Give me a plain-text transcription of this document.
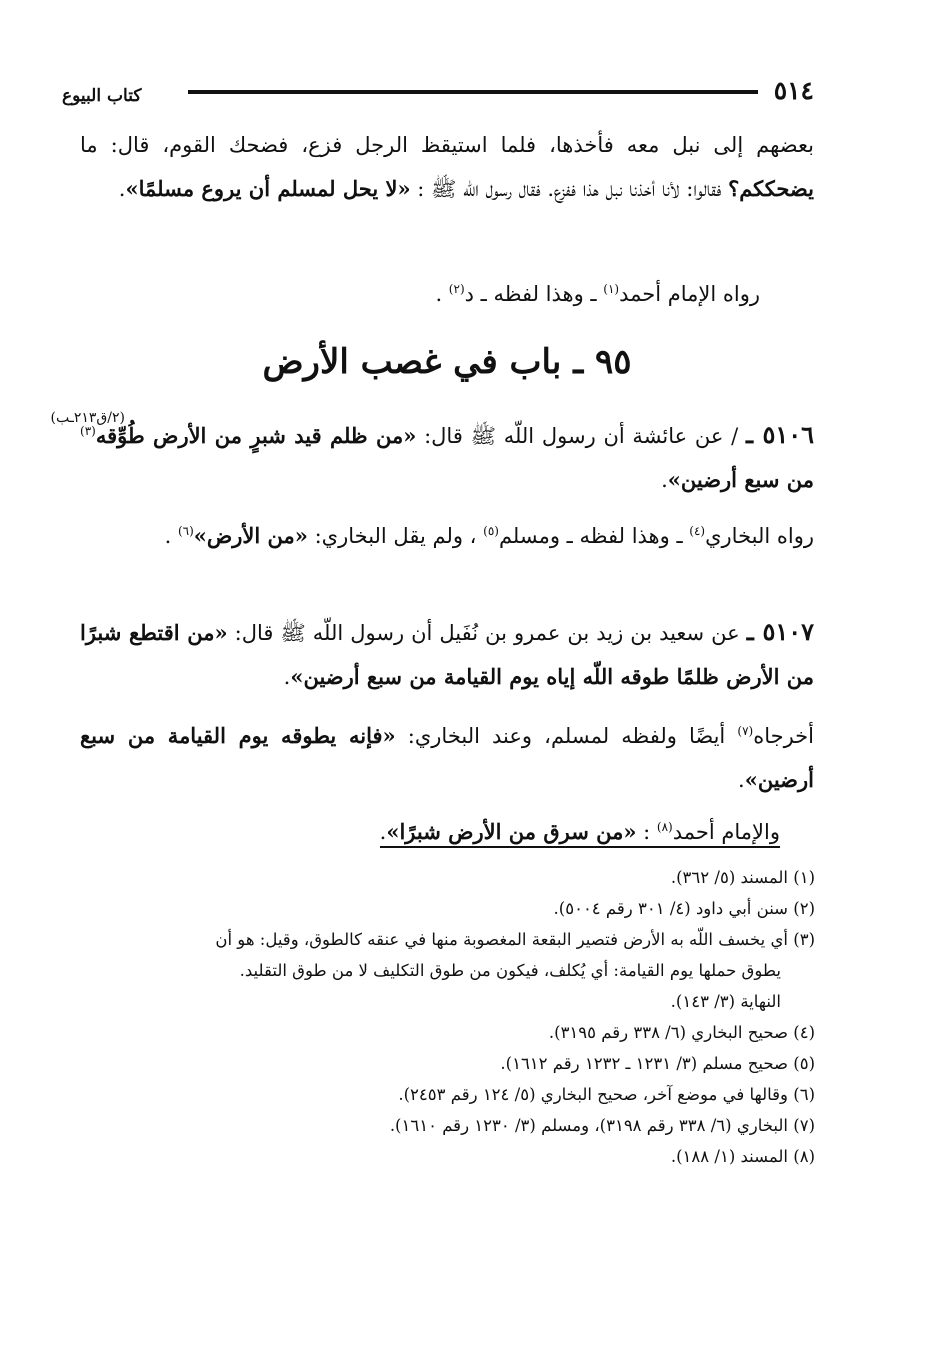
٥١٤
كتاب البيوع

بعضهم إلى نبل معه فأخذها، فلما استيقظ الرجل فزع، فضحك القوم، قال: ما يضحككم؟ فقالوا: لأنا أخذنا نبل هذا ففزع. فقال رسول اللّه ﷺ : «لا يحل لمسلم أن يروع مسلمًا».

رواه الإمام أحمد$^{(١)}$ ـ وهذا لفظه ـ د$^{(٢)}$ .

٩٥ ـ باب في غصب الأرض
(٢/ق٢١٣ـب)

٥١٠٦ ـ / عن عائشة أن رسول اللّه ﷺ قال: «من ظلم قيد شبرٍ من الأرض طُوِّقه$^{(٣)}$ من سبع أرضين».

رواه البخاري$^{(٤)}$ ـ وهذا لفظه ـ ومسلم$^{(٥)}$ ، ولم يقل البخاري: «من الأرض»$^{(٦)}$ .

٥١٠٧ ـ عن سعيد بن زيد بن عمرو بن نُفَيل أن رسول اللّه ﷺ قال: «من اقتطع شبرًا من الأرض ظلمًا طوقه اللّه إياه يوم القيامة من سبع أرضين».

أخرجاه$^{(٧)}$ أيضًا ولفظه لمسلم، وعند البخاري: «فإنه يطوقه يوم القيامة من سبع أرضين».

والإمام أحمد$^{(٨)}$ : «من سرق من الأرض شبرًا».

(١) المسند (٥/ ٣٦٢).
(٢) سنن أبي داود (٤/ ٣٠١ رقم ٥٠٠٤).
(٣) أي يخسف اللّه به الأرض فتصير البقعة المغصوبة منها في عنقه كالطوق، وقيل: هو أن
يطوق حملها يوم القيامة: أي يُكلف، فيكون من طوق التكليف لا من طوق التقليد.
النهاية (٣/ ١٤٣).
(٤) صحيح البخاري (٦/ ٣٣٨ رقم ٣١٩٥).
(٥) صحيح مسلم (٣/ ١٢٣١ ـ ١٢٣٢ رقم ١٦١٢).
(٦) وقالها في موضع آخر، صحيح البخاري (٥/ ١٢٤ رقم ٢٤٥٣).
(٧) البخاري (٦/ ٣٣٨ رقم ٣١٩٨)، ومسلم (٣/ ١٢٣٠ رقم ١٦١٠).
(٨) المسند (١/ ١٨٨).
